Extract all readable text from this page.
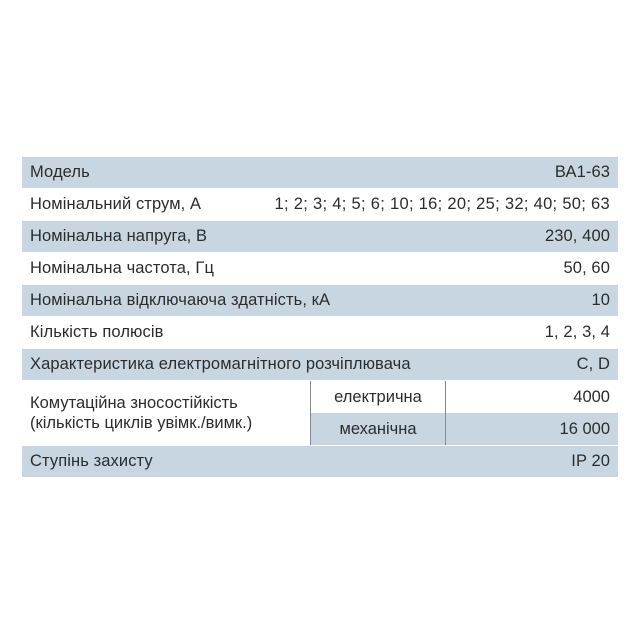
Модель	ВА1-63
Номінальний струм, А	1; 2; 3; 4; 5; 6; 10; 16; 20; 25; 32; 40; 50; 63
Номінальна напруга, В	230, 400
Номінальна частота, Гц	50, 60
Номінальна відключаюча здатність, кА	10
Кількість полюсів	1, 2, 3, 4
Характеристика електромагнітного розчіплювача	C, D
Комутаційна зносостійкість
(кількість циклів увімк./вимк.)
електрична	4000
механічна	16 000
Ступінь захисту	IP 20
